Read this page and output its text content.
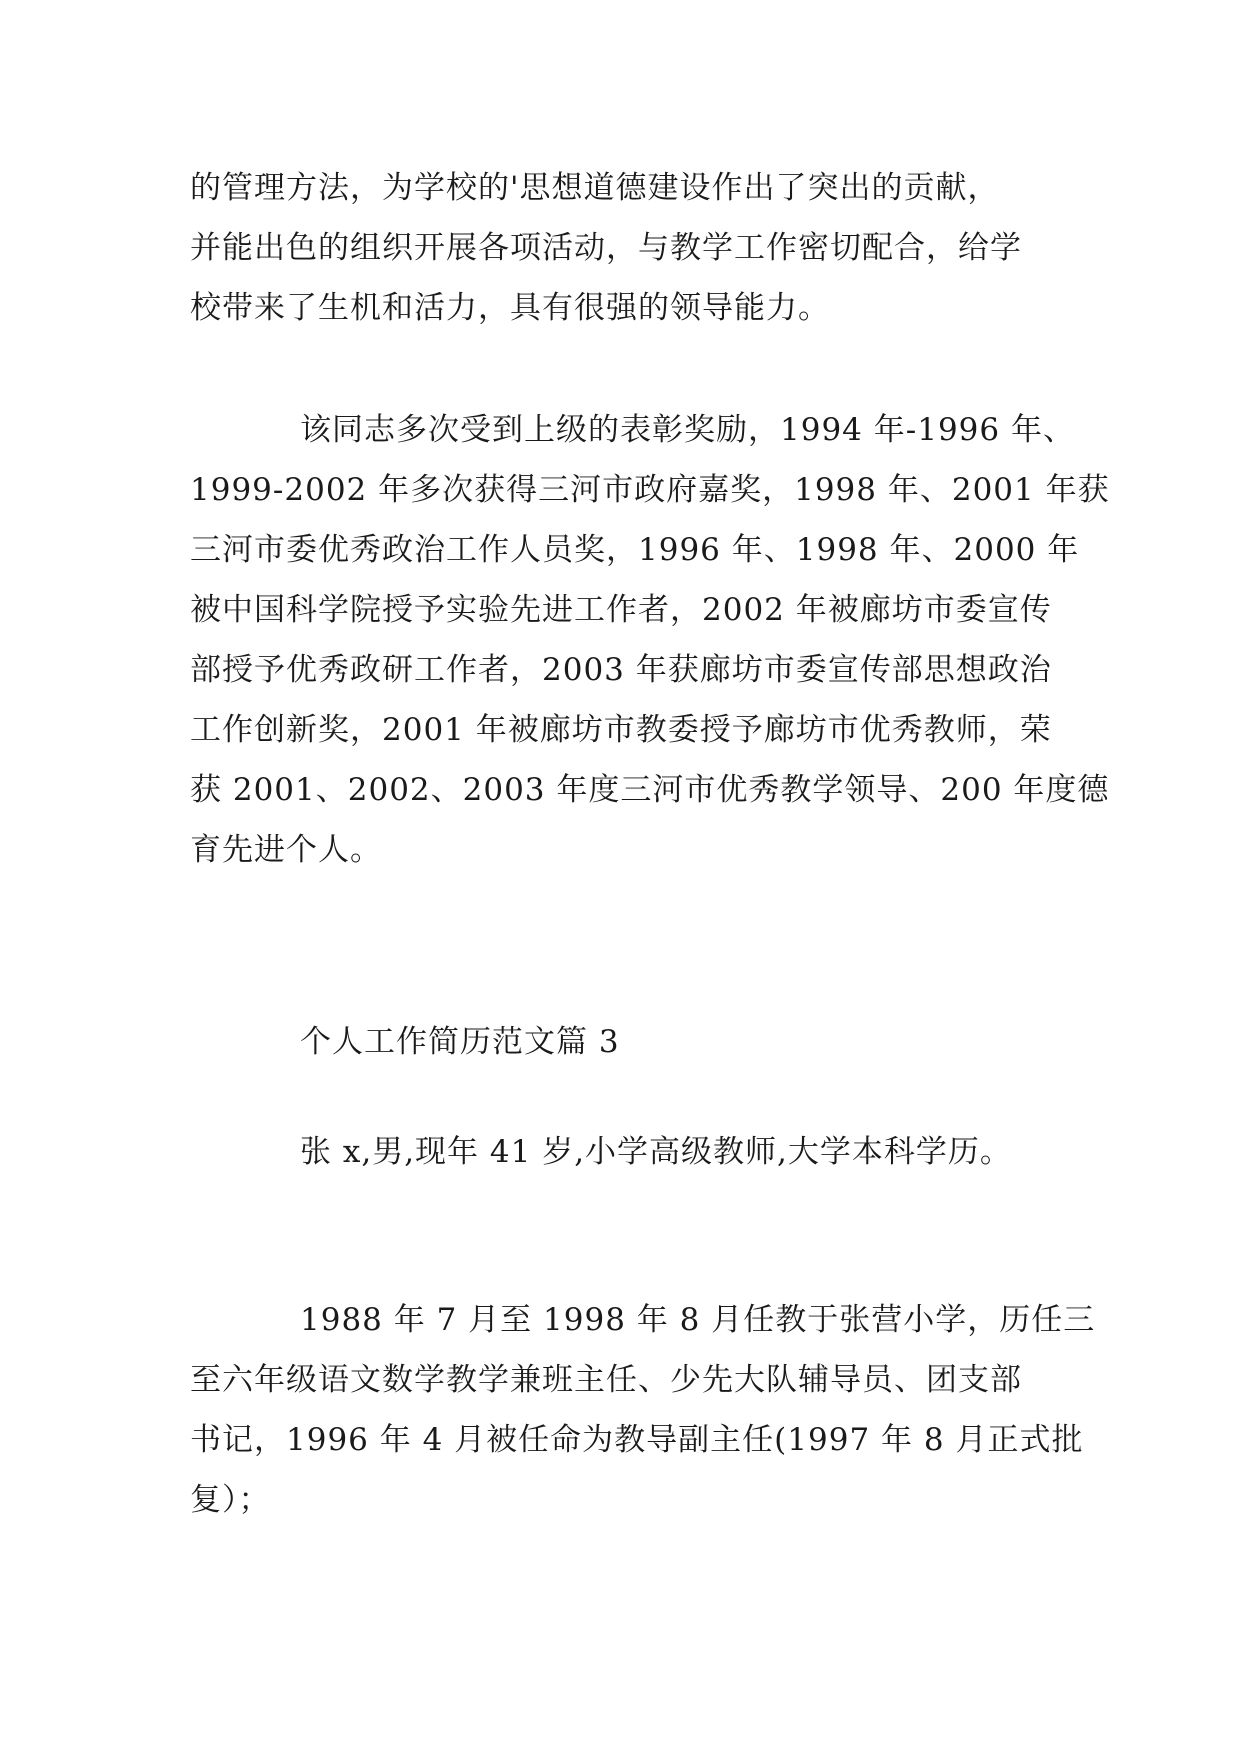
的管理方法，为学校的'思想道德建设作出了突出的贡献，
并能出色的组织开展各项活动，与教学工作密切配合，给学
校带来了生机和活力，具有很强的领导能力。
该同志多次受到上级的表彰奖励，1994 年-1996 年、
1999-2002 年多次获得三河市政府嘉奖，1998 年、2001 年获
三河市委优秀政治工作人员奖，1996 年、1998 年、2000 年
被中国科学院授予实验先进工作者，2002 年被廊坊市委宣传
部授予优秀政研工作者，2003 年获廊坊市委宣传部思想政治
工作创新奖，2001 年被廊坊市教委授予廊坊市优秀教师，荣
获 2001、2002、2003 年度三河市优秀教学领导、200 年度德
育先进个人。
个人工作简历范文篇 3
张 x,男,现年 41 岁,小学高级教师,大学本科学历。
1988 年 7 月至 1998 年 8 月任教于张营小学，历任三
至六年级语文数学教学兼班主任、少先大队辅导员、团支部
书记，1996 年 4 月被任命为教导副主任(1997 年 8 月正式批
复）；
